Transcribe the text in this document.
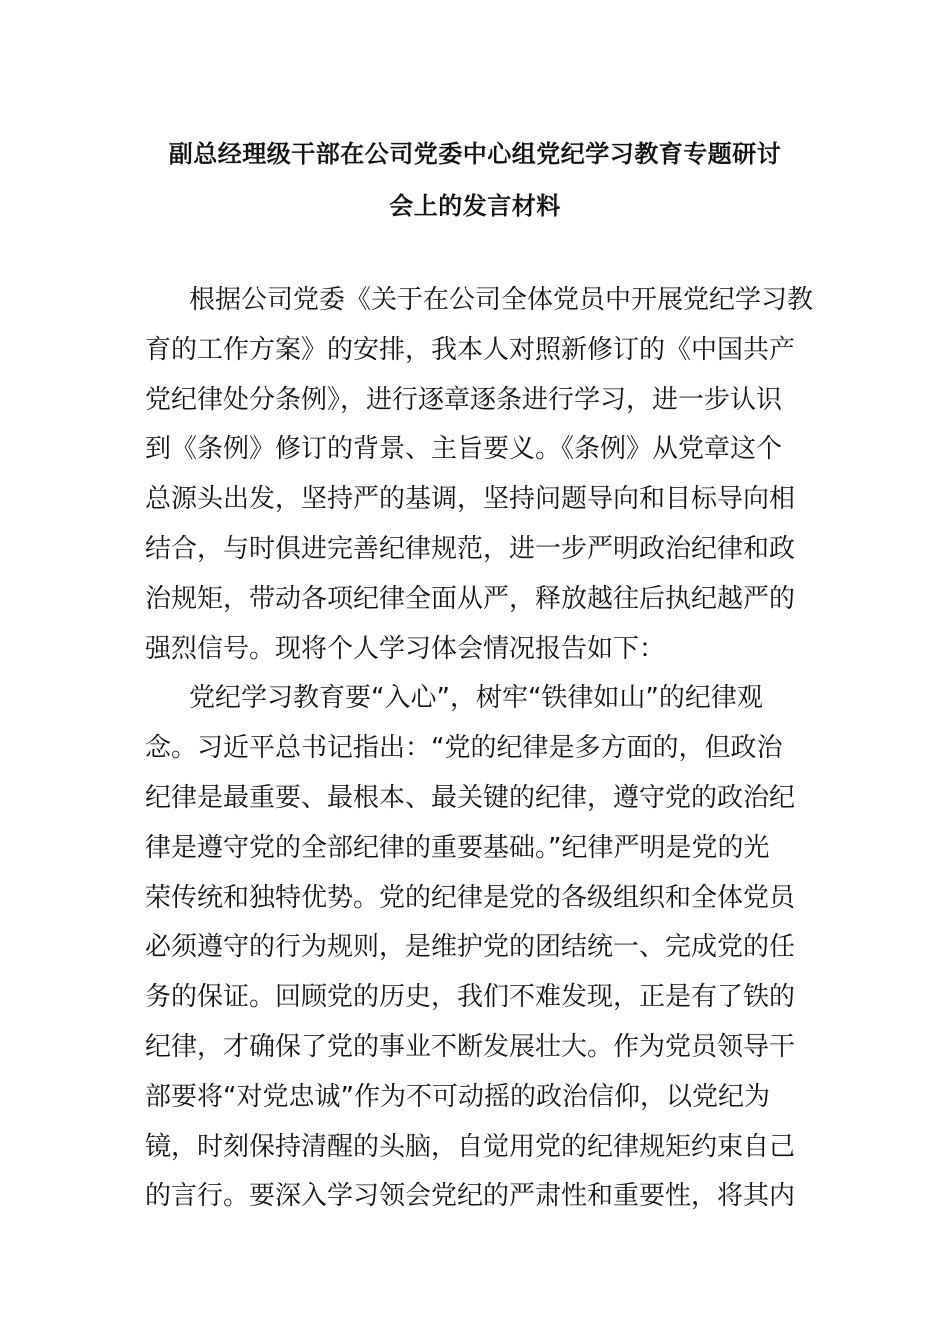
副总经理级干部在公司党委中心组党纪学习教育专题研讨
会上的发言材料
根据公司党委《关于在公司全体党员中开展党纪学习教
育的工作方案》的安排，我本人对照新修订的《中国共产
党纪律处分条例》，进行逐章逐条进行学习，进一步认识
到《条例》修订的背景、主旨要义。《条例》从党章这个
总源头出发，坚持严的基调，坚持问题导向和目标导向相
结合，与时俱进完善纪律规范，进一步严明政治纪律和政
治规矩，带动各项纪律全面从严，释放越往后执纪越严的
强烈信号。现将个人学习体会情况报告如下：
党纪学习教育要“入心”，树牢“铁律如山”的纪律观
念。习近平总书记指出：“党的纪律是多方面的，但政治
纪律是最重要、最根本、最关键的纪律，遵守党的政治纪
律是遵守党的全部纪律的重要基础。”纪律严明是党的光
荣传统和独特优势。党的纪律是党的各级组织和全体党员
必须遵守的行为规则，是维护党的团结统一、完成党的任
务的保证。回顾党的历史，我们不难发现，正是有了铁的
纪律，才确保了党的事业不断发展壮大。作为党员领导干
部要将“对党忠诚”作为不可动摇的政治信仰，以党纪为
镜，时刻保持清醒的头脑，自觉用党的纪律规矩约束自己
的言行。要深入学习领会党纪的严肃性和重要性，将其内
